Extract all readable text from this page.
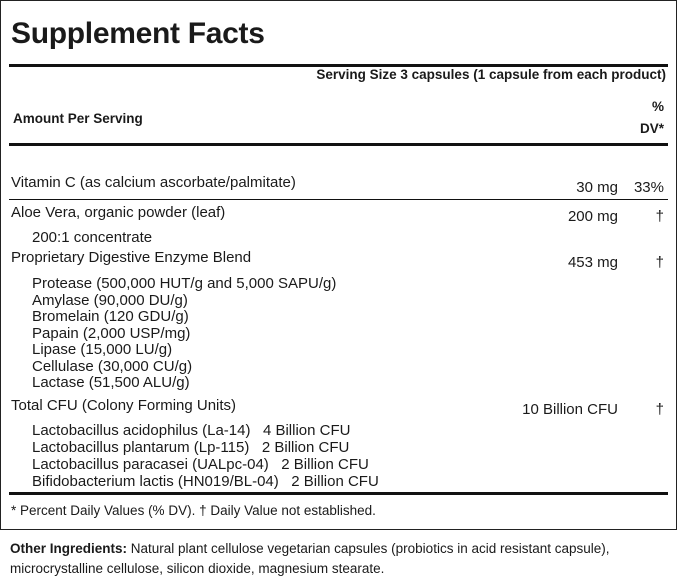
Supplement Facts
Serving Size 3 capsules (1 capsule from each product)
Amount Per Serving
%
DV*
Vitamin C (as calcium ascorbate/palmitate)	30 mg 33%
Aloe Vera, organic powder (leaf)	200 mg	†
200:1 concentrate
Proprietary Digestive Enzyme Blend	453 mg	†
Protease (500,000 HUT/g and 5,000 SAPU/g)
Amylase (90,000 DU/g)
Bromelain (120 GDU/g)
Papain (2,000 USP/mg)
Lipase (15,000 LU/g)
Cellulase (30,000 CU/g)
Lactase (51,500 ALU/g)
Total CFU (Colony Forming Units)	10 Billion CFU	†
Lactobacillus acidophilus (La-14)   4 Billion CFU
Lactobacillus plantarum (Lp-115)   2 Billion CFU
Lactobacillus paracasei (UALpc-04)   2 Billion CFU
Bifidobacterium lactis (HN019/BL-04)   2 Billion CFU
* Percent Daily Values (% DV). † Daily Value not established.
Other Ingredients: Natural plant cellulose vegetarian capsules (probiotics in acid resistant capsule), microcrystalline cellulose, silicon dioxide, magnesium stearate.
